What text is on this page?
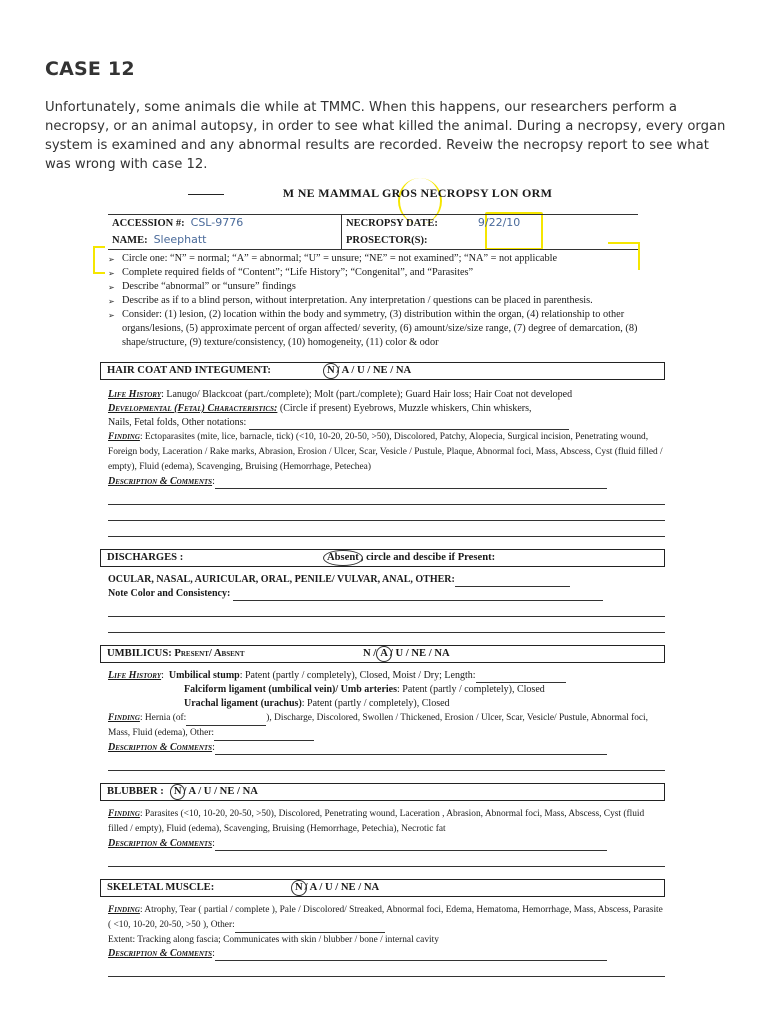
CASE 12

Unfortunately, some animals die while at TMMC. When this happens, our researchers perform a necropsy, or an animal autopsy, in order to see what killed the animal. During a necropsy, every organ system is examined and any abnormal results are recorded. Reveiw the necropsy report to see what was wrong with case 12.

M NE MAMMAL GROS NECROPSY LON ORM
ACCESSION #: CSL-9776	NECROPSY DATE: 9/22/10
NAME: Sleephatt	PROSECTOR(S):
➢ Circle one: “N” = normal; “A” = abnormal; “U” = unsure; “NE” = not examined”; “NA” = not applicable
➢ Complete required fields of “Content”; “Life History”; “Congenital”, and “Parasites”
➢ Describe “abnormal” or “unsure” findings
➢ Describe as if to a blind person, without interpretation. Any interpretation / questions can be placed in parenthesis.
➢ Consider: (1) lesion, (2) location within the body and symmetry, (3) distribution within the organ, (4) relationship to other organs/lesions, (5) approximate percent of organ affected/ severity, (6) amount/size/size range, (7) degree of demarcation, (8) shape/structure, (9) texture/consistency, (10) homogeneity, (11) color & odor
HAIR COAT AND INTEGUMENT:	N / A / U / NE / NA
Life History: Lanugo/ Blackcoat (part./complete); Molt (part./complete); Guard Hair loss; Hair Coat not developed
Developmental (Fetal) Characteristics: (Circle if present) Eyebrows, Muzzle whiskers, Chin whiskers,
Nails, Fetal folds, Other notations:
Finding: Ectoparasites (mite, lice, barnacle, tick) (<10, 10-20, 20-50, >50), Discolored, Patchy, Alopecia, Surgical incision, Penetrating wound, Foreign body, Laceration / Rake marks, Abrasion, Erosion / Ulcer, Scar, Vesicle / Pustule, Plaque, Abnormal foci, Mass, Abscess, Cyst (fluid filled / empty), Fluid (edema), Scavenging, Bruising (Hemorrhage, Petechea)
Description & Comments:
DISCHARGES :	Absent , circle and descibe if Present:
OCULAR, NASAL, AURICULAR, ORAL, PENILE/ VULVAR, ANAL, OTHER:
Note Color and Consistency:
UMBILICUS: Present/ Absent	N / A / U / NE / NA
Life History:  Umbilical stump: Patent (partly / completely), Closed, Moist / Dry; Length:
Falciform ligament (umbilical vein)/ Umb arteries: Patent (partly / completely), Closed
Urachal ligament (urachus): Patent (partly / completely), Closed
Finding: Hernia (of:	), Discharge, Discolored, Swollen / Thickened, Erosion / Ulcer, Scar, Vesicle/ Pustule, Abnormal foci, Mass, Fluid (edema), Other:
Description & Comments:
BLUBBER : N / A / U / NE / NA
Finding: Parasites (<10, 10-20, 20-50, >50), Discolored, Penetrating wound, Laceration , Abrasion, Abnormal foci, Mass, Abscess, Cyst (fluid filled / empty), Fluid (edema), Scavenging, Bruising (Hemorrhage, Petechia), Necrotic fat
Description & Comments:
SKELETAL MUSCLE:	N / A / U / NE / NA
Finding: Atrophy, Tear ( partial / complete ), Pale / Discolored/ Streaked, Abnormal foci, Edema, Hematoma, Hemorrhage, Mass, Abscess, Parasite ( <10, 10-20, 20-50, >50 ), Other:
Extent: Tracking along fascia; Communicates with skin / blubber / bone / internal cavity
Description & Comments:
